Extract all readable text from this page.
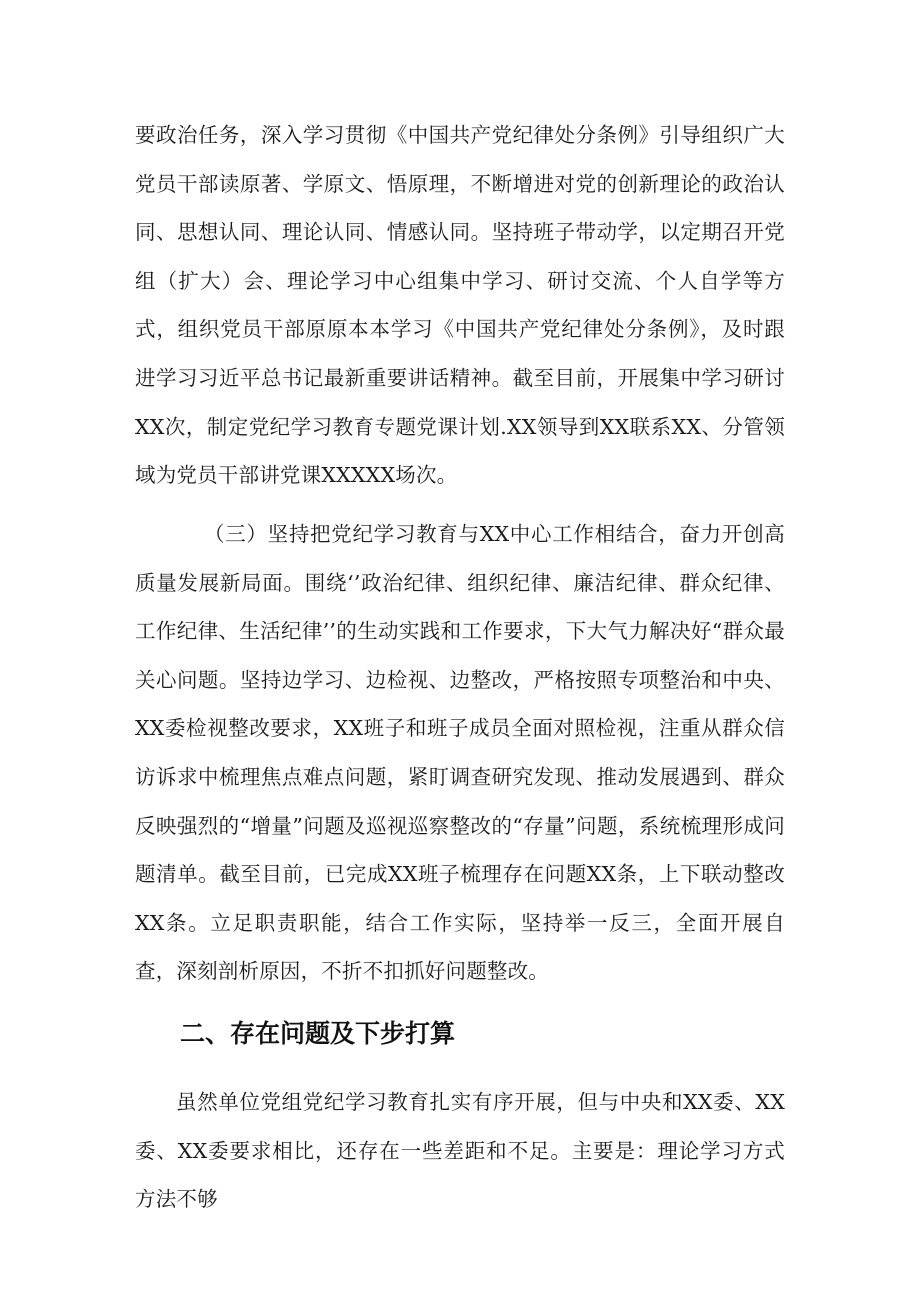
要政治任务，深入学习贯彻《中国共产党纪律处分条例》引导组织广大党员干部读原著、学原文、悟原理，不断增进对党的创新理论的政治认同、思想认同、理论认同、情感认同。坚持班子带动学，以定期召开党组（扩大）会、理论学习中心组集中学习、研讨交流、个人自学等方式，组织党员干部原原本本学习《中国共产党纪律处分条例》，及时跟进学习习近平总书记最新重要讲话精神。截至目前，开展集中学习研讨XX次，制定党纪学习教育专题党课计划.XX领导到XX联系XX、分管领域为党员干部讲党课XXXXX场次。

（三）坚持把党纪学习教育与XX中心工作相结合，奋力开创高质量发展新局面。围绕‘’政治纪律、组织纪律、廉洁纪律、群众纪律、工作纪律、生活纪律’’的生动实践和工作要求，下大气力解决好“群众最关心问题。坚持边学习、边检视、边整改，严格按照专项整治和中央、XX委检视整改要求，XX班子和班子成员全面对照检视，注重从群众信访诉求中梳理焦点难点问题，紧盯调查研究发现、推动发展遇到、群众反映强烈的“增量”问题及巡视巡察整改的“存量”问题，系统梳理形成问题清单。截至目前，已完成XX班子梳理存在问题XX条，上下联动整改XX条。立足职责职能，结合工作实际，坚持举一反三，全面开展自查，深刻剖析原因，不折不扣抓好问题整改。

二、存在问题及下步打算

虽然单位党组党纪学习教育扎实有序开展，但与中央和XX委、XX委、XX委要求相比，还存在一些差距和不足。主要是：理论学习方式方法不够
